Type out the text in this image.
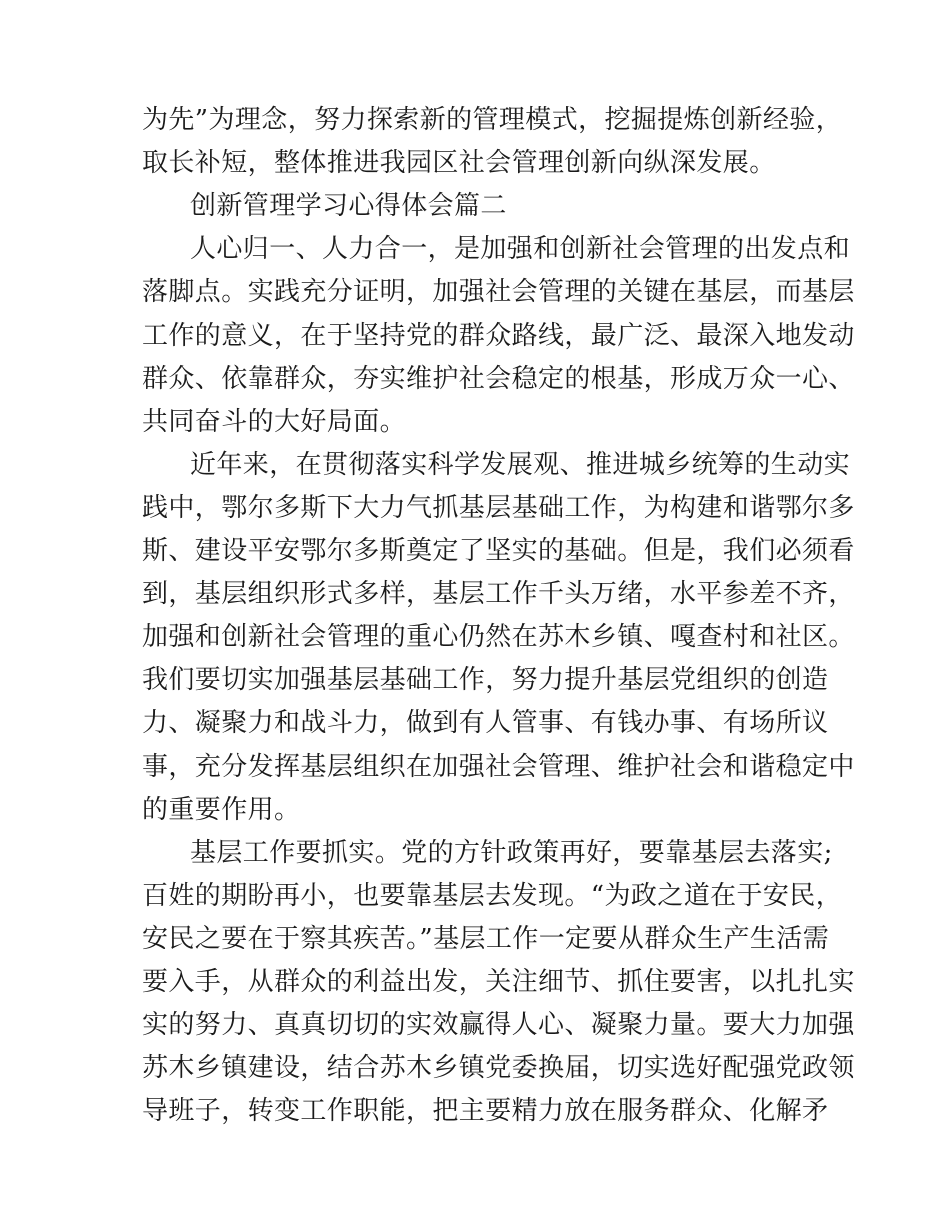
为先”为理念，努力探索新的管理模式，挖掘提炼创新经验，
取长补短，整体推进我园区社会管理创新向纵深发展。
创新管理学习心得体会篇二
人心归一、人力合一，是加强和创新社会管理的出发点和
落脚点。实践充分证明，加强社会管理的关键在基层，而基层
工作的意义，在于坚持党的群众路线，最广泛、最深入地发动
群众、依靠群众，夯实维护社会稳定的根基，形成万众一心、
共同奋斗的大好局面。
近年来，在贯彻落实科学发展观、推进城乡统筹的生动实
践中，鄂尔多斯下大力气抓基层基础工作，为构建和谐鄂尔多
斯、建设平安鄂尔多斯奠定了坚实的基础。但是，我们必须看
到，基层组织形式多样，基层工作千头万绪，水平参差不齐，
加强和创新社会管理的重心仍然在苏木乡镇、嘎查村和社区。
我们要切实加强基层基础工作，努力提升基层党组织的创造
力、凝聚力和战斗力，做到有人管事、有钱办事、有场所议
事，充分发挥基层组织在加强社会管理、维护社会和谐稳定中
的重要作用。
基层工作要抓实。党的方针政策再好，要靠基层去落实;
百姓的期盼再小，也要靠基层去发现。“为政之道在于安民，
安民之要在于察其疾苦。”基层工作一定要从群众生产生活需
要入手，从群众的利益出发，关注细节、抓住要害，以扎扎实
实的努力、真真切切的实效赢得人心、凝聚力量。要大力加强
苏木乡镇建设，结合苏木乡镇党委换届，切实选好配强党政领
导班子，转变工作职能，把主要精力放在服务群众、化解矛
